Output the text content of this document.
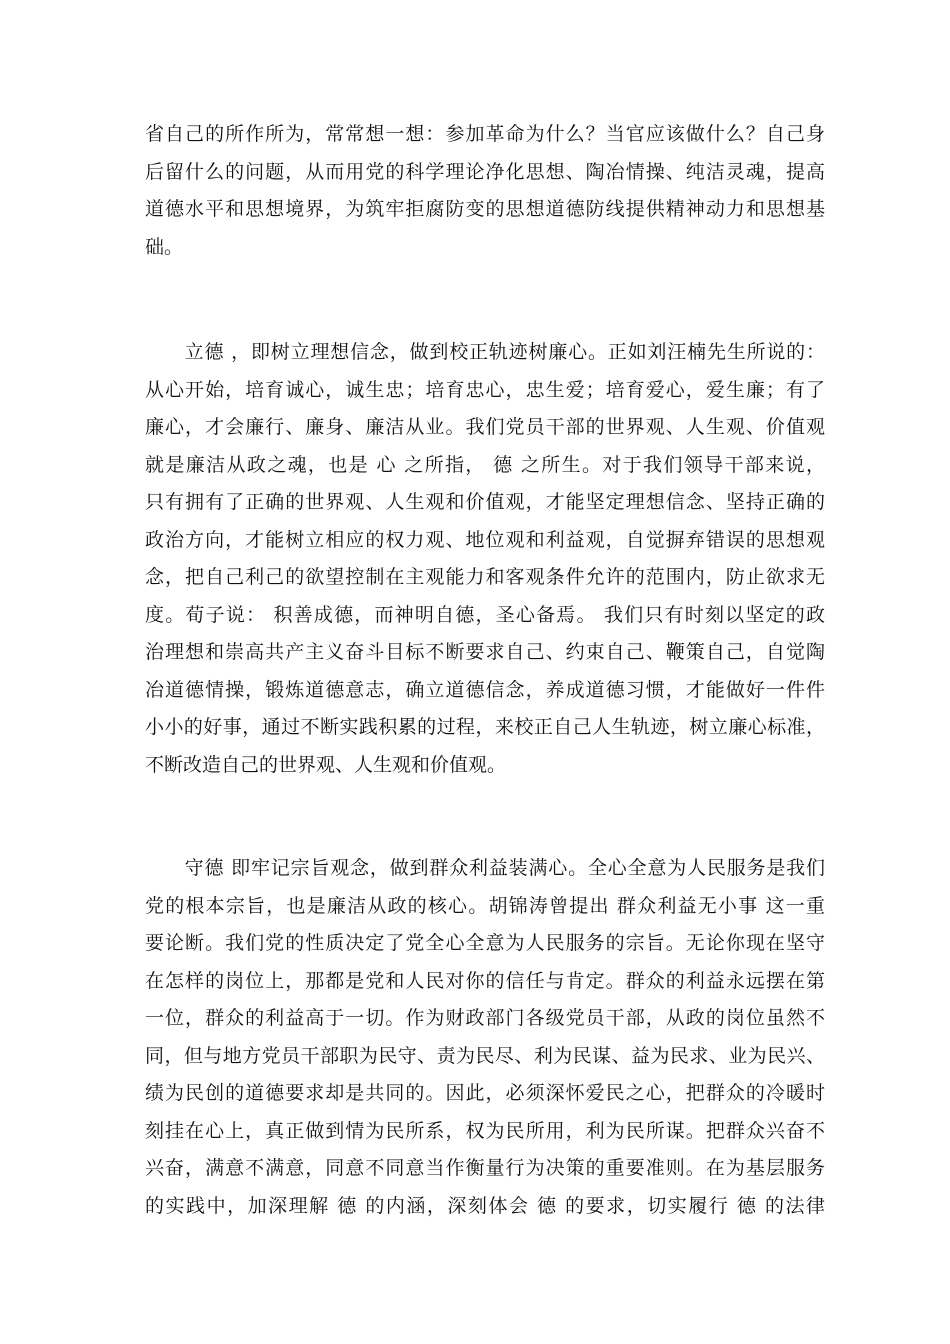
省自己的所作所为，常常想一想：参加革命为什么？当官应该做什么？自己身
后留什么的问题，从而用党的科学理论净化思想、陶冶情操、纯洁灵魂，提高
道德水平和思想境界，为筑牢拒腐防变的思想道德防线提供精神动力和思想基
础。
　　立德 ，即树立理想信念，做到校正轨迹树廉心。正如刘汪楠先生所说的：
从心开始，培育诚心，诚生忠；培育忠心，忠生爱；培育爱心，爱生廉；有了
廉心，才会廉行、廉身、廉洁从业。我们党员干部的世界观、人生观、价值观
就是廉洁从政之魂，也是 心 之所指， 德 之所生。对于我们领导干部来说，
只有拥有了正确的世界观、人生观和价值观，才能坚定理想信念、坚持正确的
政治方向，才能树立相应的权力观、地位观和利益观，自觉摒弃错误的思想观
念，把自己利己的欲望控制在主观能力和客观条件允许的范围内，防止欲求无
度。荀子说： 积善成德，而神明自德，圣心备焉。 我们只有时刻以坚定的政
治理想和崇高共产主义奋斗目标不断要求自己、约束自己、鞭策自己，自觉陶
冶道德情操，锻炼道德意志，确立道德信念，养成道德习惯，才能做好一件件
小小的好事，通过不断实践积累的过程，来校正自己人生轨迹，树立廉心标准，
不断改造自己的世界观、人生观和价值观。
　　守德 即牢记宗旨观念，做到群众利益装满心。全心全意为人民服务是我们
党的根本宗旨，也是廉洁从政的核心。胡锦涛曾提出 群众利益无小事 这一重
要论断。我们党的性质决定了党全心全意为人民服务的宗旨。无论你现在坚守
在怎样的岗位上，那都是党和人民对你的信任与肯定。群众的利益永远摆在第
一位，群众的利益高于一切。作为财政部门各级党员干部，从政的岗位虽然不
同，但与地方党员干部职为民守、责为民尽、利为民谋、益为民求、业为民兴、
绩为民创的道德要求却是共同的。因此，必须深怀爱民之心，把群众的冷暖时
刻挂在心上，真正做到情为民所系，权为民所用，利为民所谋。把群众兴奋不
兴奋，满意不满意，同意不同意当作衡量行为决策的重要准则。在为基层服务
的实践中，加深理解 德 的内涵，深刻体会 德 的要求，切实履行 德 的法律
